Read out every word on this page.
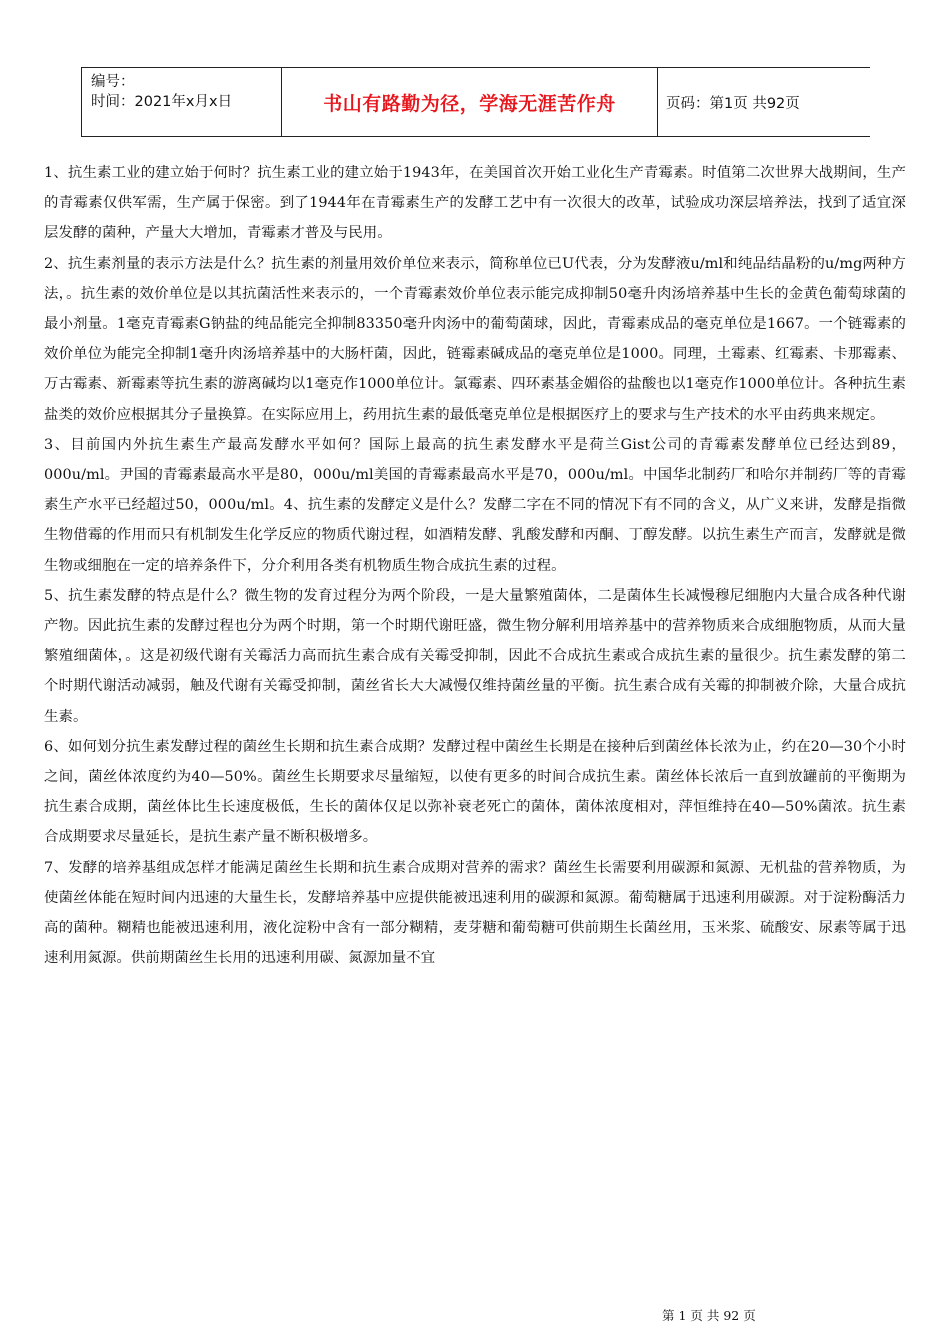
编号：
时间：2021年x月x日	书山有路勤为径，学海无涯苦作舟	页码：第1页 共92页

1、抗生素工业的建立始于何时？抗生素工业的建立始于1943年，在美国首次开始工业化生产青霉素。时值第二次世界大战期间，生产的青霉素仅供军需，生产属于保密。到了1944年在青霉素生产的发酵工艺中有一次很大的改革，试验成功深层培养法，找到了适宜深层发酵的菌种，产量大大增加，青霉素才普及与民用。

2、抗生素剂量的表示方法是什么？抗生素的剂量用效价单位来表示，简称单位已U代表，分为发酵液u/ml和纯品结晶粉的u/mg两种方法，。抗生素的效价单位是以其抗菌活性来表示的，一个青霉素效价单位表示能完成抑制50毫升肉汤培养基中生长的金黄色葡萄球菌的最小剂量。1毫克青霉素G钠盐的纯品能完全抑制83350毫升肉汤中的葡萄菌球，因此，青霉素成品的毫克单位是1667。一个链霉素的效价单位为能完全抑制1毫升肉汤培养基中的大肠杆菌，因此，链霉素碱成品的毫克单位是1000。同理，土霉素、红霉素、卡那霉素、万古霉素、新霉素等抗生素的游离碱均以1毫克作1000单位计。氯霉素、四环素基金媚俗的盐酸也以1毫克作1000单位计。各种抗生素盐类的效价应根据其分子量换算。在实际应用上，药用抗生素的最低毫克单位是根据医疗上的要求与生产技术的水平由药典来规定。

3、目前国内外抗生素生产最高发酵水平如何？国际上最高的抗生素发酵水平是荷兰Gist公司的青霉素发酵单位已经达到89，000u/ml。尹国的青霉素最高水平是80，000u/ml美国的青霉素最高水平是70，000u/ml。中国华北制药厂和哈尔并制药厂等的青霉素生产水平已经超过50，000u/ml。4、抗生素的发酵定义是什么？发酵二字在不同的情况下有不同的含义，从广义来讲，发酵是指微生物借霉的作用而只有机制发生化学反应的物质代谢过程，如酒精发酵、乳酸发酵和丙酮、丁醇发酵。以抗生素生产而言，发酵就是微生物或细胞在一定的培养条件下，分介利用各类有机物质生物合成抗生素的过程。

5、抗生素发酵的特点是什么？微生物的发育过程分为两个阶段，一是大量繁殖菌体，二是菌体生长减慢穆尼细胞内大量合成各种代谢产物。因此抗生素的发酵过程也分为两个时期，第一个时期代谢旺盛，微生物分解利用培养基中的营养物质来合成细胞物质，从而大量繁殖细菌体，。这是初级代谢有关霉活力高而抗生素合成有关霉受抑制，因此不合成抗生素或合成抗生素的量很少。抗生素发酵的第二个时期代谢活动减弱，触及代谢有关霉受抑制，菌丝省长大大减慢仅维持菌丝量的平衡。抗生素合成有关霉的抑制被介除，大量合成抗生素。

6、如何划分抗生素发酵过程的菌丝生长期和抗生素合成期？发酵过程中菌丝生长期是在接种后到菌丝体长浓为止，约在20—30个小时之间，菌丝体浓度约为40—50%。菌丝生长期要求尽量缩短，以使有更多的时间合成抗生素。菌丝体长浓后一直到放罐前的平衡期为抗生素合成期，菌丝体比生长速度极低，生长的菌体仅足以弥补衰老死亡的菌体，菌体浓度相对，萍恒维持在40—50%菌浓。抗生素合成期要求尽量延长，是抗生素产量不断积极增多。

7、发酵的培养基组成怎样才能满足菌丝生长期和抗生素合成期对营养的需求？菌丝生长需要利用碳源和氮源、无机盐的营养物质，为使菌丝体能在短时间内迅速的大量生长，发酵培养基中应提供能被迅速利用的碳源和氮源。葡萄糖属于迅速利用碳源。对于淀粉酶活力高的菌种。糊精也能被迅速利用，液化淀粉中含有一部分糊精，麦芽糖和葡萄糖可供前期生长菌丝用，玉米浆、硫酸安、尿素等属于迅速利用氮源。供前期菌丝生长用的迅速利用碳、氮源加量不宜

第 1 页 共 92 页
